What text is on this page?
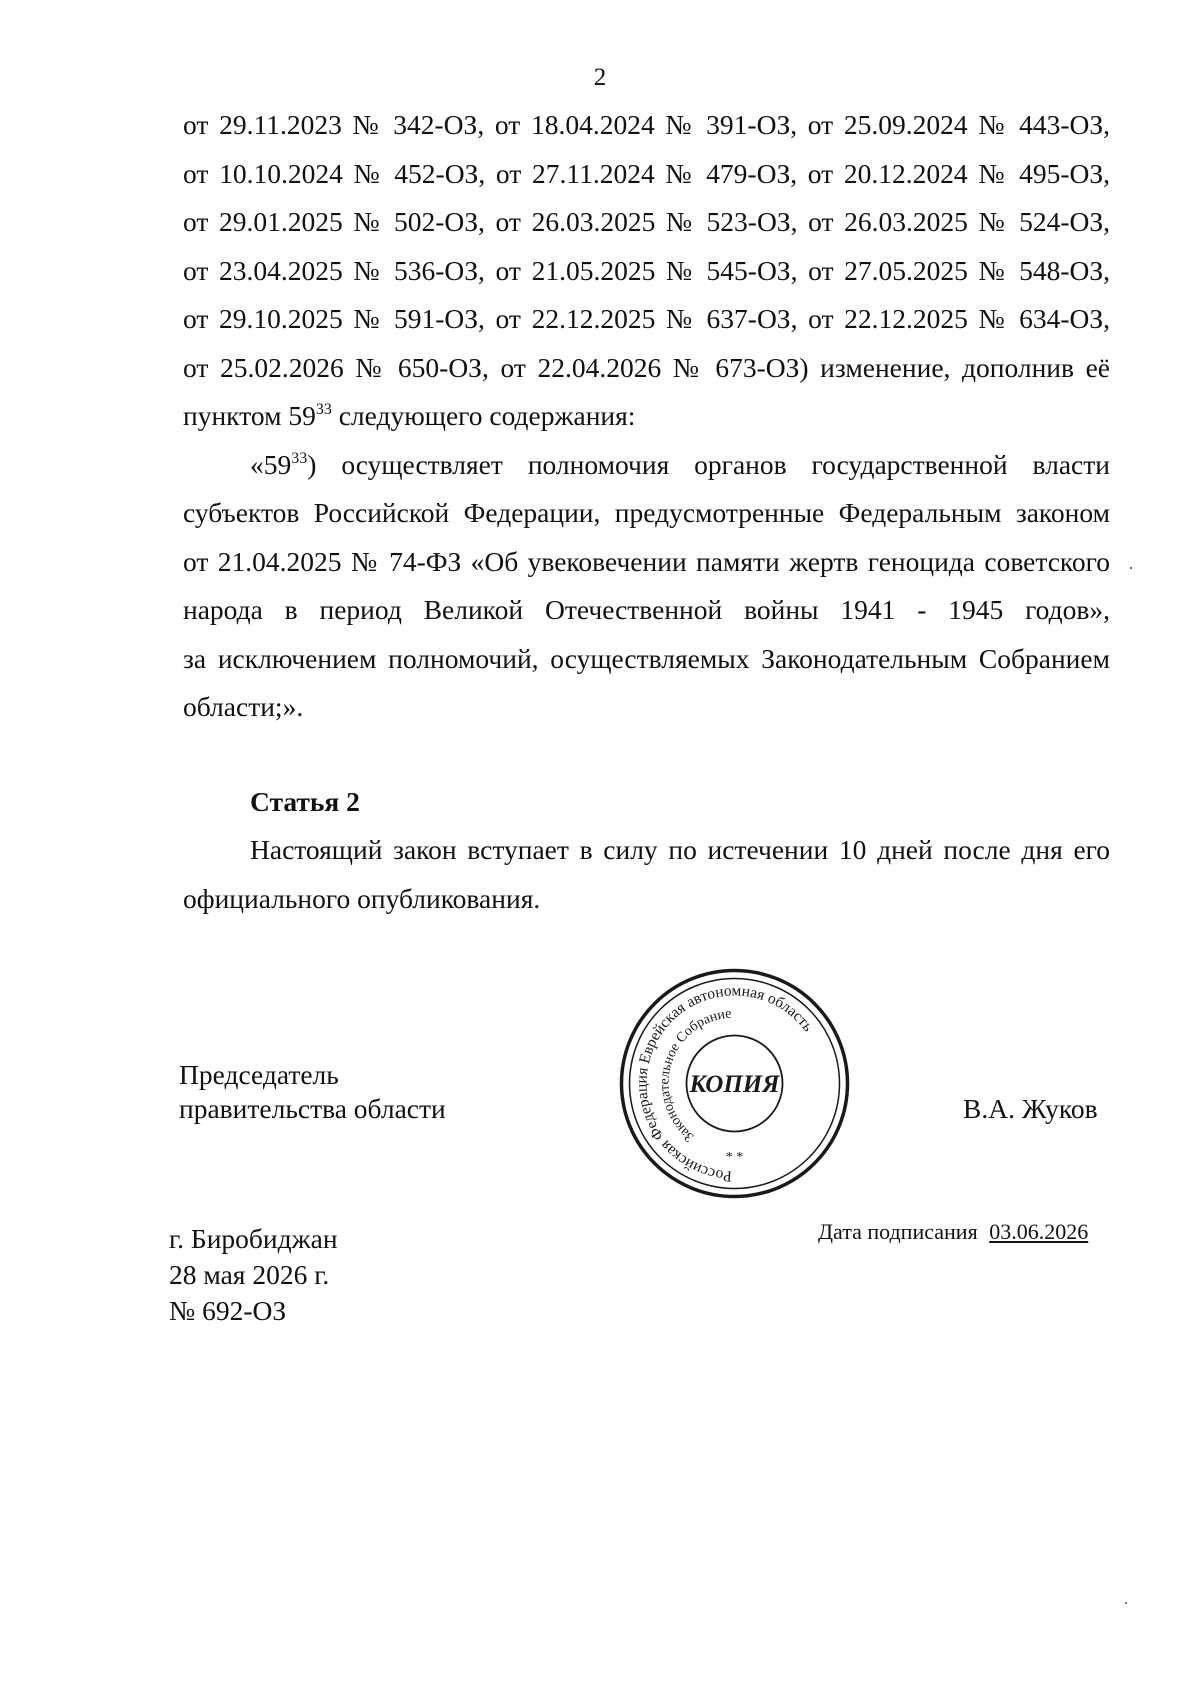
2
от 29.11.2023 № 342-ОЗ, от 18.04.2024 № 391-ОЗ, от 25.09.2024 № 443-ОЗ,
от 10.10.2024 № 452-ОЗ, от 27.11.2024 № 479-ОЗ, от 20.12.2024 № 495-ОЗ,
от 29.01.2025 № 502-ОЗ, от 26.03.2025 № 523-ОЗ, от 26.03.2025 № 524-ОЗ,
от 23.04.2025 № 536-ОЗ, от 21.05.2025 № 545-ОЗ, от 27.05.2025 № 548-ОЗ,
от 29.10.2025 № 591-ОЗ, от 22.12.2025 № 637-ОЗ, от 22.12.2025 № 634-ОЗ,
от 25.02.2026 № 650-ОЗ, от 22.04.2026 № 673-ОЗ) изменение, дополнив её
пунктом $59^{33}$ следующего содержания:
«$59^{33}$) осуществляет полномочия органов государственной власти
субъектов Российской Федерации, предусмотренные Федеральным законом
от 21.04.2025 № 74-ФЗ «Об увековечении памяти жертв геноцида советского
народа в период Великой Отечественной войны 1941 - 1945 годов»,
за исключением полномочий, осуществляемых Законодательным Собранием
области;».
Статья 2
Настоящий закон вступает в силу по истечении 10 дней после дня его
официального опубликования.
Председатель
правительства области
Российская Федерация Еврейская автономная область
Законодательное Собрание
КОПИЯ
* *
В.А. Жуков
г. Биробиджан
28 мая 2026 г.
№ 692-ОЗ
Дата подписания 03.06.2026
